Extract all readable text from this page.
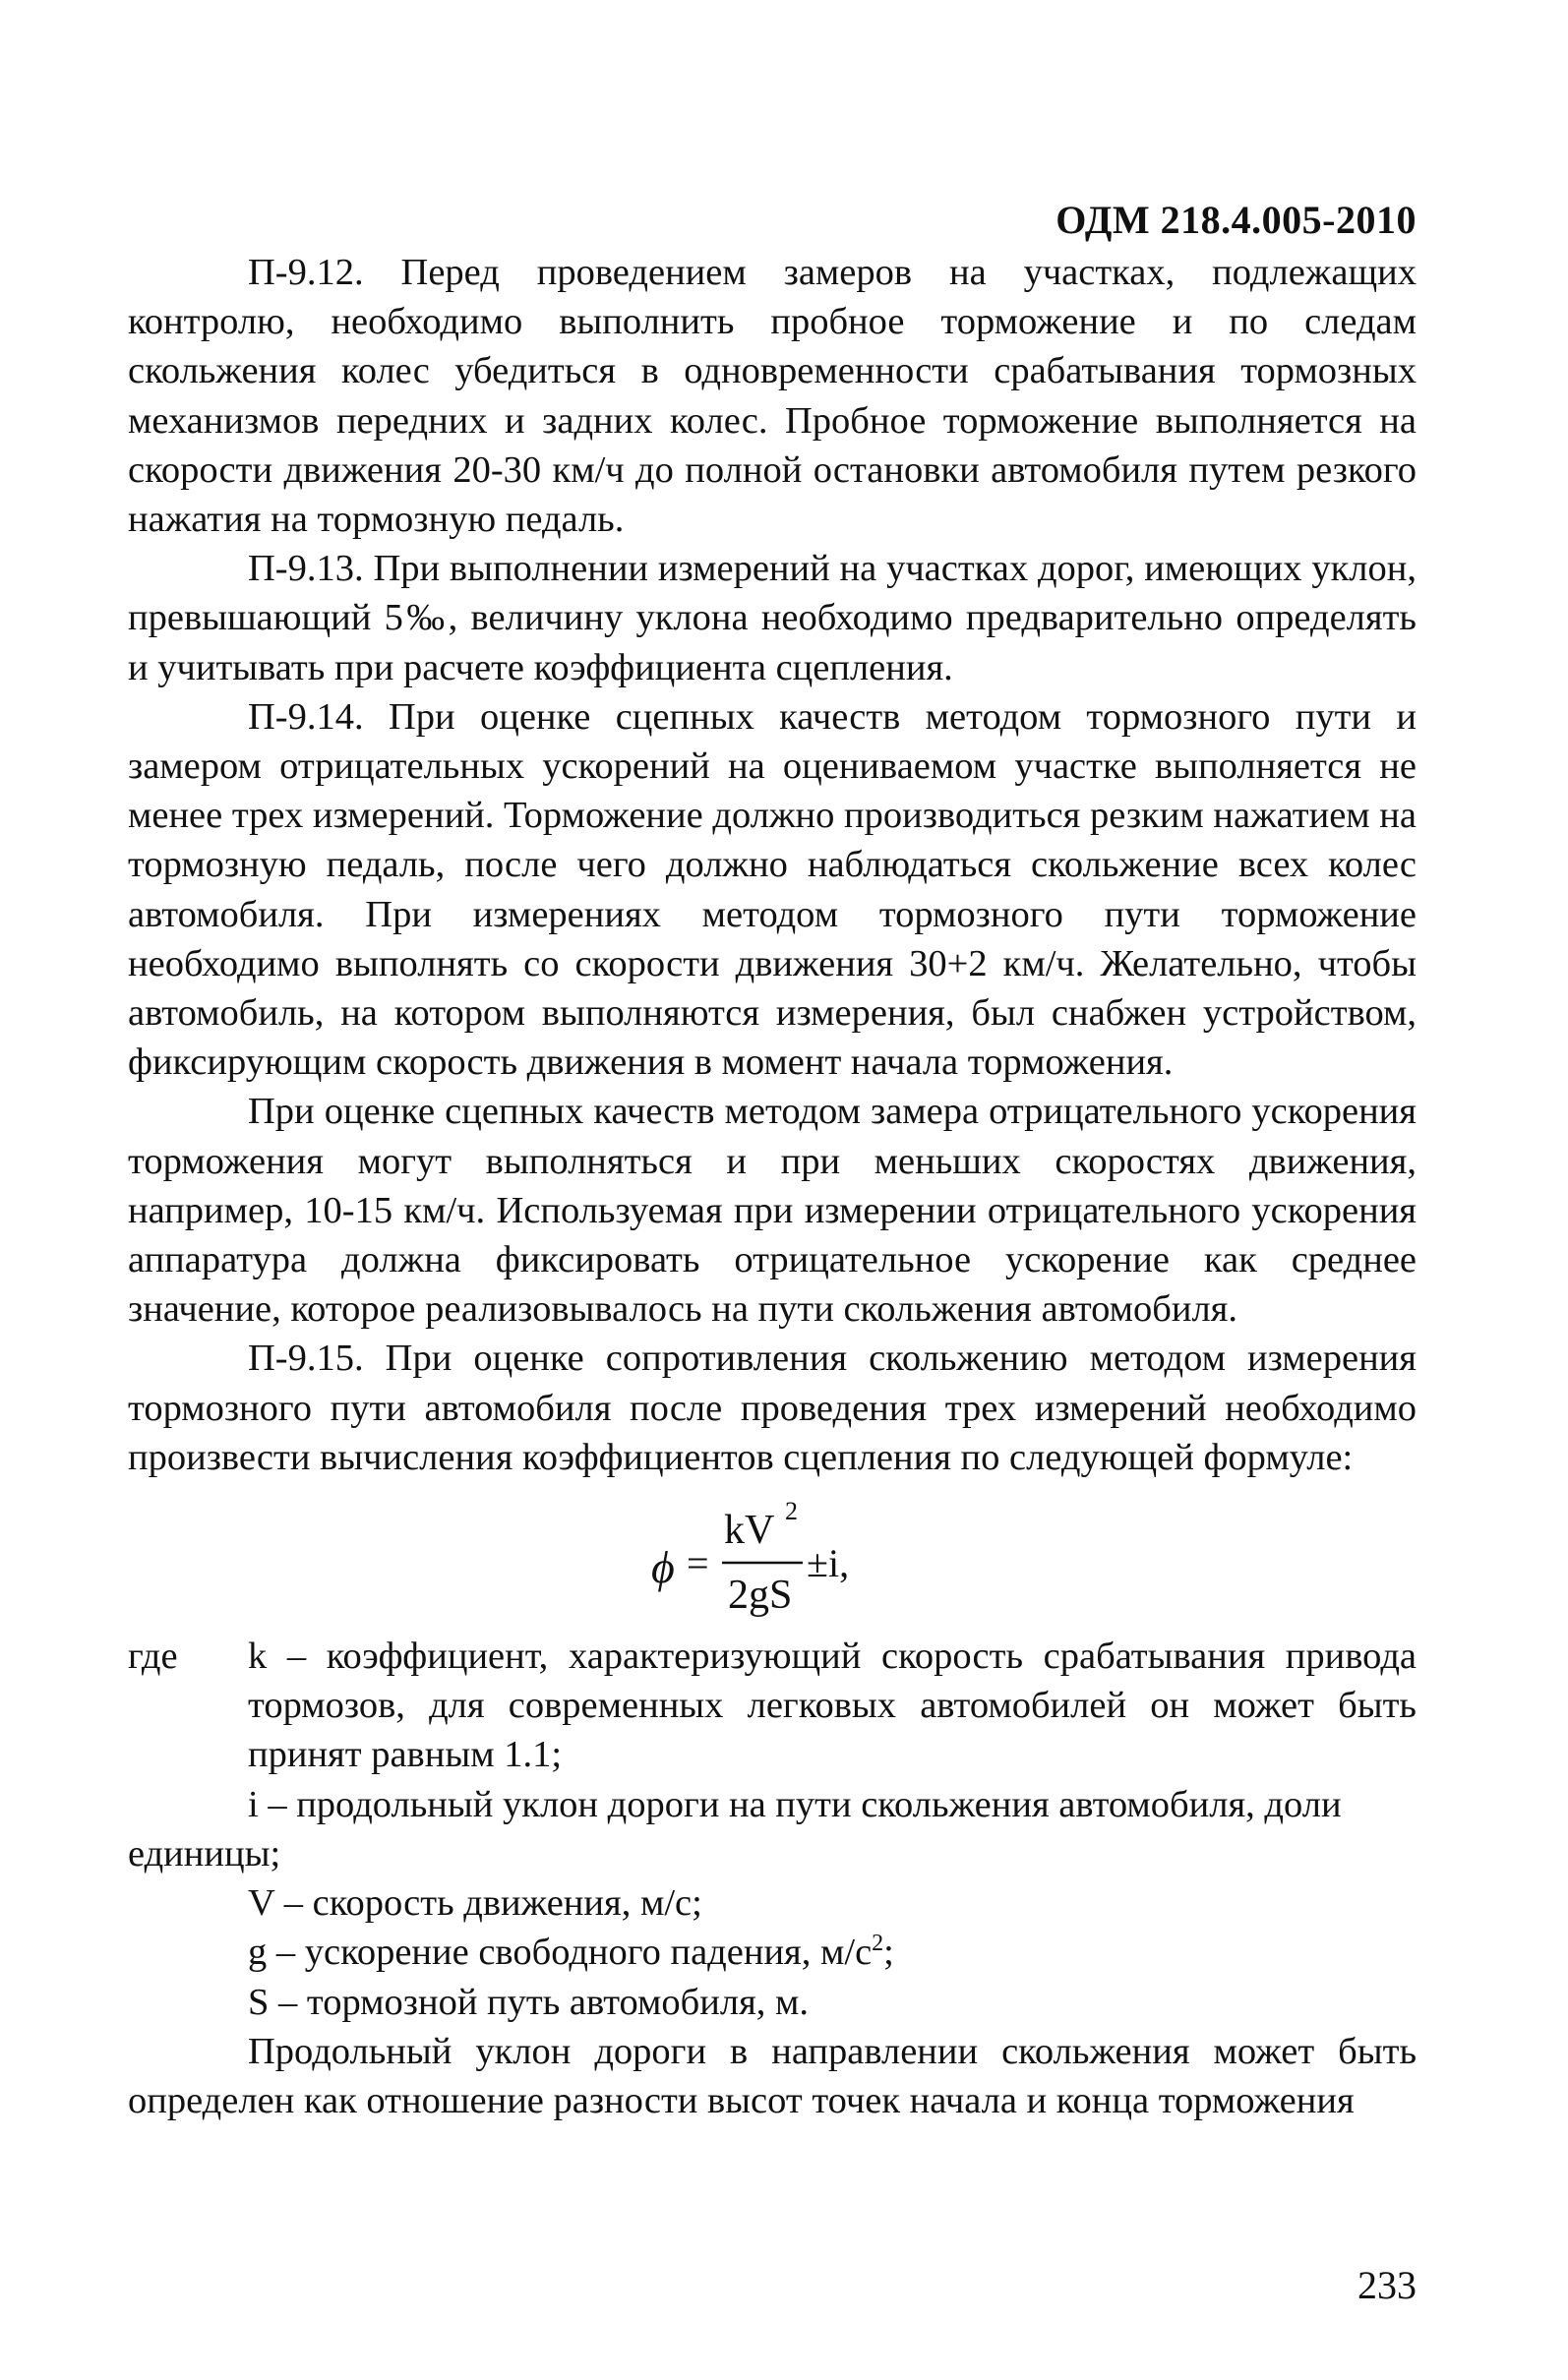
ОДМ 218.4.005-2010

П-9.12. Перед проведением замеров на участках, подлежащих контролю, необходимо выполнить пробное торможение и по следам скольжения колес убедиться в одновременности срабатывания тормозных механизмов передних и задних колес. Пробное торможение выполняется на скорости движения 20-30 км/ч до полной остановки автомобиля путем резкого нажатия на тормозную педаль.

П-9.13. При выполнении измерений на участках дорог, имеющих уклон, превышающий 5‰, величину уклона необходимо предварительно определять и учитывать при расчете коэффициента сцепления.

П-9.14. При оценке сцепных качеств методом тормозного пути и замером отрицательных ускорений на оцениваемом участке выполняется не менее трех измерений. Торможение должно производиться резким нажатием на тормозную педаль, после чего должно наблюдаться скольжение всех колес автомобиля. При измерениях методом тормозного пути торможение необходимо выполнять со скорости движения 30+2 км/ч. Желательно, чтобы автомобиль, на котором выполняются измерения, был снабжен устройством, фиксирующим скорость движения в момент начала торможения.

При оценке сцепных качеств методом замера отрицательного ускорения торможения могут выполняться и при меньших скоростях движения, например, 10-15 км/ч. Используемая при измерении отрицательного ускорения аппаратура должна фиксировать отрицательное ускорение как среднее значение, которое реализовывалось на пути скольжения автомобиля.

П-9.15. При оценке сопротивления скольжению методом измерения тормозного пути автомобиля после проведения трех измерений необходимо произвести вычисления коэффициентов сцепления по следующей формуле:

ϕ =
kV 2
2gS
±i,
где	k – коэффициент, характеризующий скорость срабатывания привода тормозов, для современных легковых автомобилей он может быть принят равным 1.1;

i – продольный уклон дороги на пути скольжения автомобиля, доли

единицы;

V – скорость движения, м/с;

g – ускорение свободного падения, $м/с^2$;

S – тормозной путь автомобиля, м.

Продольный уклон дороги в направлении скольжения может быть определен как отношение разности высот точек начала и конца торможения

233
